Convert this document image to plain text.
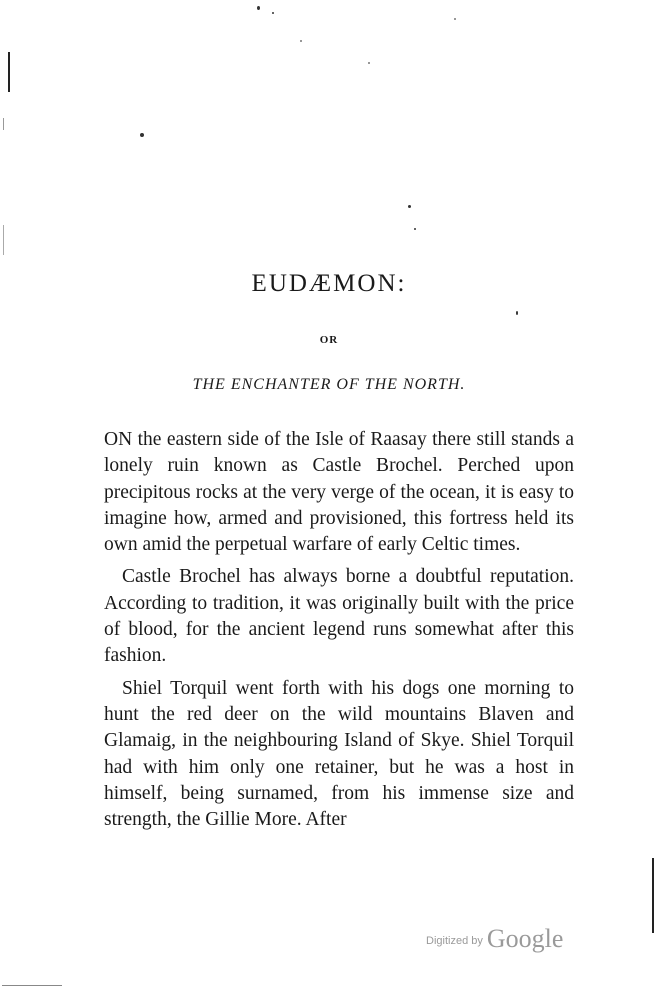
EUDÆMON:
OR
THE ENCHANTER OF THE NORTH.

ON the eastern side of the Isle of Raasay there still stands a lonely ruin known as Castle Brochel. Perched upon precipitous rocks at the very verge of the ocean, it is easy to imagine how, armed and provisioned, this fortress held its own amid the perpetual warfare of early Celtic times.

Castle Brochel has always borne a doubtful reputation. According to tradition, it was originally built with the price of blood, for the ancient legend runs somewhat after this fashion.

Shiel Torquil went forth with his dogs one morning to hunt the red deer on the wild mountains Blaven and Glamaig, in the neighbouring Island of Skye. Shiel Torquil had with him only one retainer, but he was a host in himself, being surnamed, from his immense size and strength, the Gillie More. After

Digitized by Google
